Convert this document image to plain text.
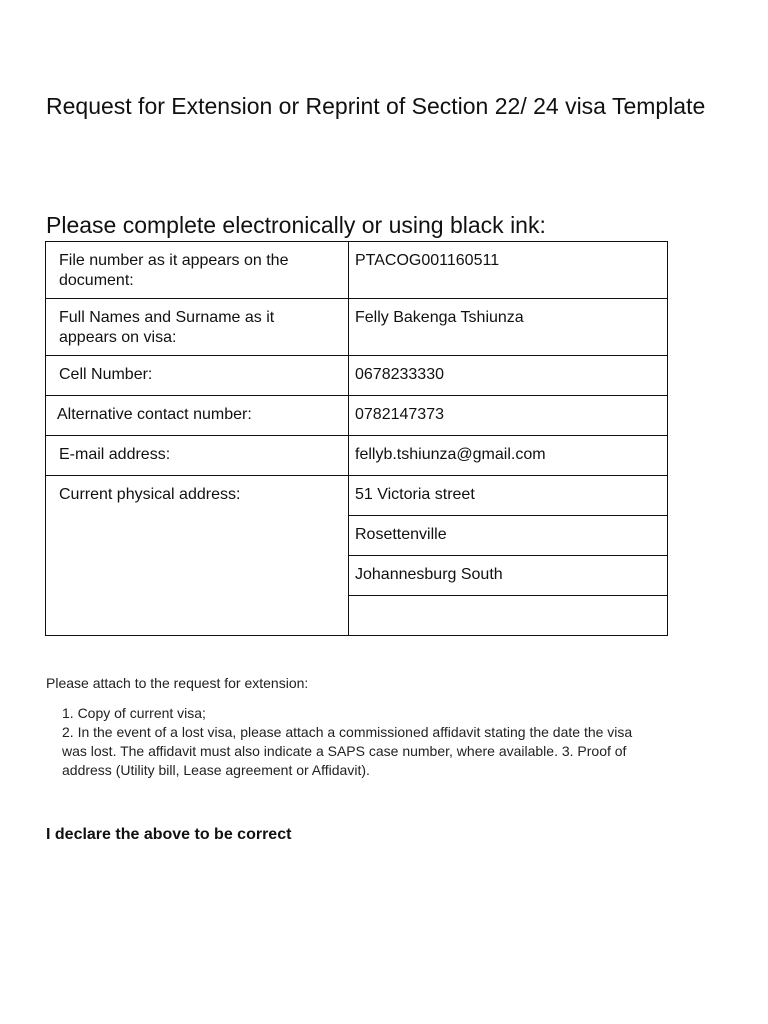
Request for Extension or Reprint of Section 22/ 24 visa Template

Please complete electronically or using black ink:

File number as it appears on the document:	PTACOG001160511
Full Names and Surname as it appears on visa:	Felly Bakenga Tshiunza
Cell Number:	0678233330
Alternative contact number:	0782147373
E-mail address:	fellyb.tshiunza@gmail.com
Current physical address:	51 Victoria street
	Rosettenville
	Johannesburg South

Please attach to the request for extension:

1. Copy of current visa;
2. In the event of a lost visa, please attach a commissioned affidavit stating the date the visa was lost. The affidavit must also indicate a SAPS case number, where available. 3. Proof of address (Utility bill, Lease agreement or Affidavit).

I declare the above to be correct
